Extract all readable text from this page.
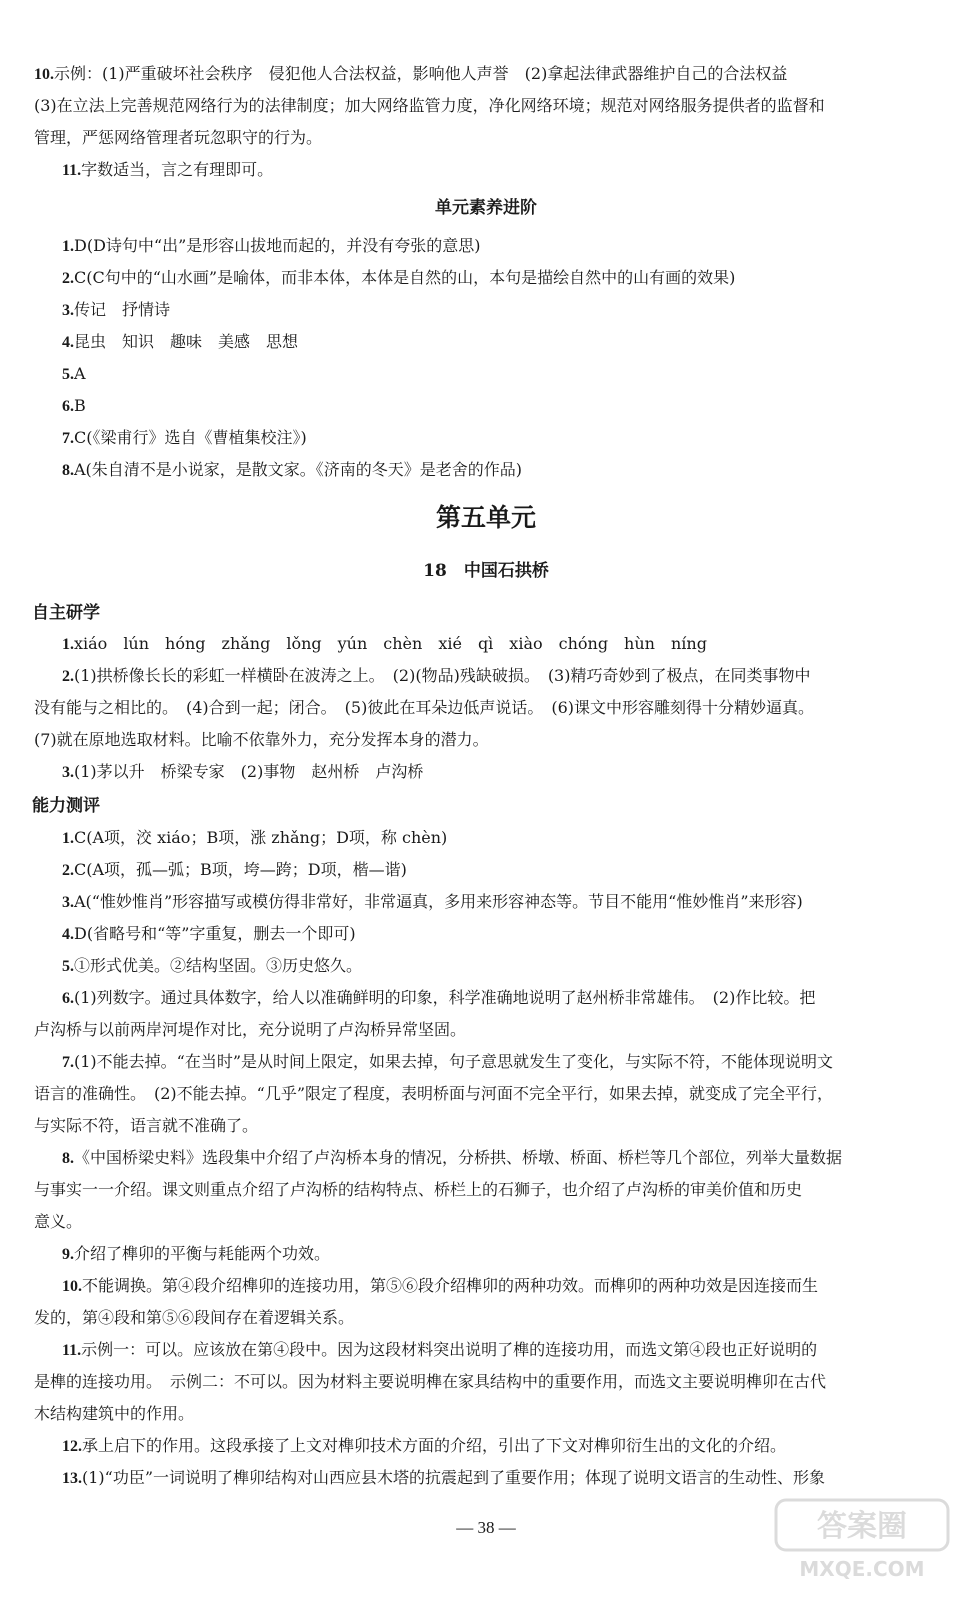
10.示例：(1)严重破坏社会秩序　侵犯他人合法权益，影响他人声誉　(2)拿起法律武器维护自己的合法权益
(3)在立法上完善规范网络行为的法律制度；加大网络监管力度，净化网络环境；规范对网络服务提供者的监督和
管理，严惩网络管理者玩忽职守的行为。
11.字数适当，言之有理即可。
单元素养进阶
1.D(D诗句中“出”是形容山拔地而起的，并没有夸张的意思)
2.C(C句中的“山水画”是喻体，而非本体，本体是自然的山，本句是描绘自然中的山有画的效果)
3.传记　抒情诗
4.昆虫　知识　趣味　美感　思想
5.A
6.B
7.C(《梁甫行》选自《曹植集校注》)
8.A(朱自清不是小说家，是散文家。《济南的冬天》是老舍的作品)
第五单元
18　中国石拱桥
自主研学
1.xiáo　lún　hóng　zhǎng　lǒng　yún　chèn　xié　qì　xiào　chóng　hùn　níng
2.(1)拱桥像长长的彩虹一样横卧在波涛之上。　(2)(物品)残缺破损。　(3)精巧奇妙到了极点，在同类事物中
没有能与之相比的。　(4)合到一起；闭合。　(5)彼此在耳朵边低声说话。　(6)课文中形容雕刻得十分精妙逼真。
(7)就在原地选取材料。比喻不依靠外力，充分发挥本身的潜力。
3.(1)茅以升　桥梁专家　(2)事物　赵州桥　卢沟桥
能力测评
1.C(A项，洨 xiáo；B项，涨 zhǎng；D项，称 chèn)
2.C(A项，孤—弧；B项，垮—跨；D项，楷—谐)
3.A(“惟妙惟肖”形容描写或模仿得非常好，非常逼真，多用来形容神态等。节目不能用“惟妙惟肖”来形容)
4.D(省略号和“等”字重复，删去一个即可)
5.①形式优美。②结构坚固。③历史悠久。
6.(1)列数字。通过具体数字，给人以准确鲜明的印象，科学准确地说明了赵州桥非常雄伟。　(2)作比较。把
卢沟桥与以前两岸河堤作对比，充分说明了卢沟桥异常坚固。
7.(1)不能去掉。“在当时”是从时间上限定，如果去掉，句子意思就发生了变化，与实际不符，不能体现说明文
语言的准确性。　(2)不能去掉。“几乎”限定了程度，表明桥面与河面不完全平行，如果去掉，就变成了完全平行，
与实际不符，语言就不准确了。
8.《中国桥梁史料》选段集中介绍了卢沟桥本身的情况，分桥拱、桥墩、桥面、桥栏等几个部位，列举大量数据
与事实一一介绍。课文则重点介绍了卢沟桥的结构特点、桥栏上的石狮子，也介绍了卢沟桥的审美价值和历史
意义。
9.介绍了榫卯的平衡与耗能两个功效。
10.不能调换。第④段介绍榫卯的连接功用，第⑤⑥段介绍榫卯的两种功效。而榫卯的两种功效是因连接而生
发的，第④段和第⑤⑥段间存在着逻辑关系。
11.示例一：可以。应该放在第④段中。因为这段材料突出说明了榫的连接功用，而选文第④段也正好说明的
是榫的连接功用。　示例二：不可以。因为材料主要说明榫在家具结构中的重要作用，而选文主要说明榫卯在古代
木结构建筑中的作用。
12.承上启下的作用。这段承接了上文对榫卯技术方面的介绍，引出了下文对榫卯衍生出的文化的介绍。
13.(1)“功臣”一词说明了榫卯结构对山西应县木塔的抗震起到了重要作用；体现了说明文语言的生动性、形象
— 38 —	答案圈
MXQE.COM
